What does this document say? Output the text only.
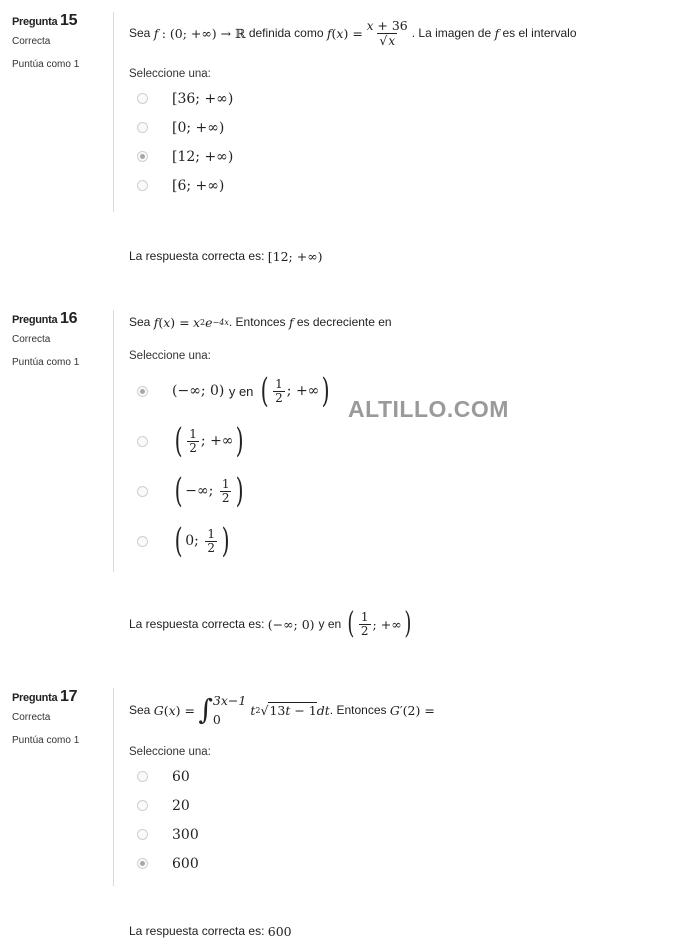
Pregunta 15
Correcta
Puntúa como 1
Sea
f
: (0; +∞) → ℝ
definida como
f ( x ) = $\frac{x + 36}{√x}$ . La imagen de
f
es el intervalo
Seleccione una:
[36; +∞)
[0; +∞)
[12; +∞)
[6; +∞)
La respuesta correcta es:
[12; +∞)
Pregunta 16
Correcta
Puntúa como 1
Sea
f ( x ) =
x 2 e −4x . Entonces
f
es decreciente en
Seleccione una:
(−∞; 0) y en
( $\frac{1}{2}$ ; +∞ )
( $\frac{1}{2}$ ; +∞ )
( −∞; $\frac{1}{2}$ )
( 0; $\frac{1}{2}$ )
La respuesta correcta es:
(−∞; 0) y en
( $\frac{1}{2}$ ; +∞ )
Pregunta 17
Correcta
Puntúa como 1
Sea
G ( x ) =
∫ 3x−1
0
t 2 √ 13t − 1 dt . Entonces
G ′(2) =
Seleccione una:
60
20
300
600
La respuesta correcta es:
600
ALTILLO.COM
